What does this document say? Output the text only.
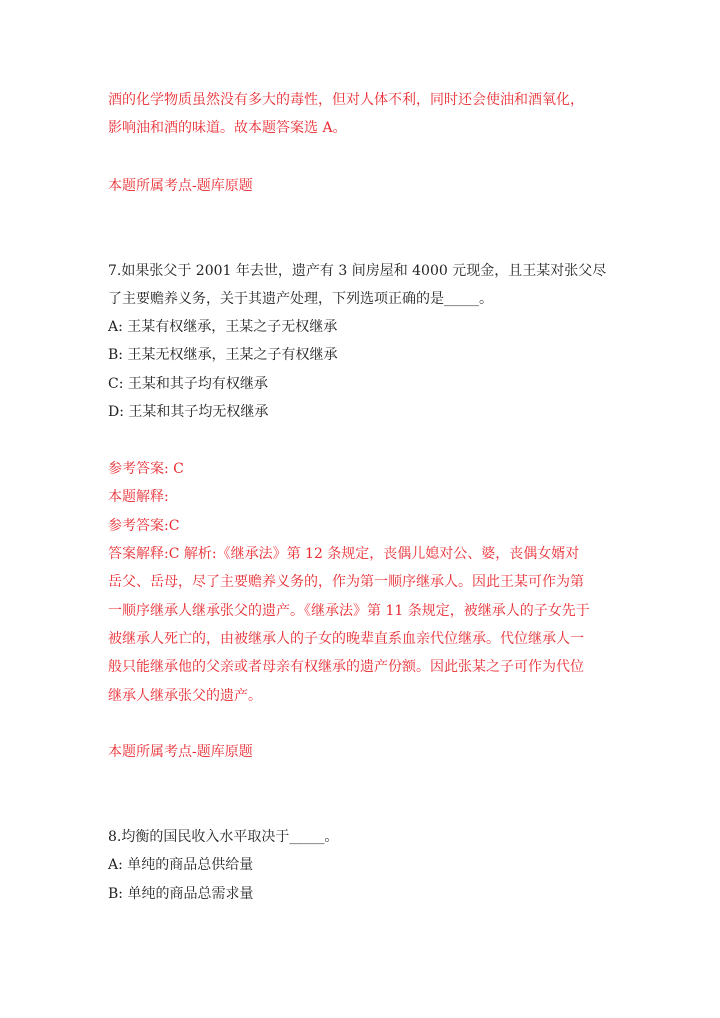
酒的化学物质虽然没有多大的毒性，但对人体不利，同时还会使油和酒氧化，
影响油和酒的味道。故本题答案选 A。
本题所属考点-题库原题
7.如果张父于 2001 年去世，遗产有 3 间房屋和 4000 元现金，且王某对张父尽
了主要赡养义务，关于其遗产处理，下列选项正确的是_____。
A: 王某有权继承，王某之子无权继承
B: 王某无权继承，王某之子有权继承
C: 王某和其子均有权继承
D: 王某和其子均无权继承
参考答案: C
本题解释:
参考答案:C
答案解释:C 解析:《继承法》第 12 条规定，丧偶儿媳对公、婆，丧偶女婿对
岳父、岳母，尽了主要赡养义务的，作为第一顺序继承人。因此王某可作为第
一顺序继承人继承张父的遗产。《继承法》第 11 条规定，被继承人的子女先于
被继承人死亡的，由被继承人的子女的晚辈直系血亲代位继承。代位继承人一
般只能继承他的父亲或者母亲有权继承的遗产份额。因此张某之子可作为代位
继承人继承张父的遗产。
本题所属考点-题库原题
8.均衡的国民收入水平取决于_____。
A: 单纯的商品总供给量
B: 单纯的商品总需求量
